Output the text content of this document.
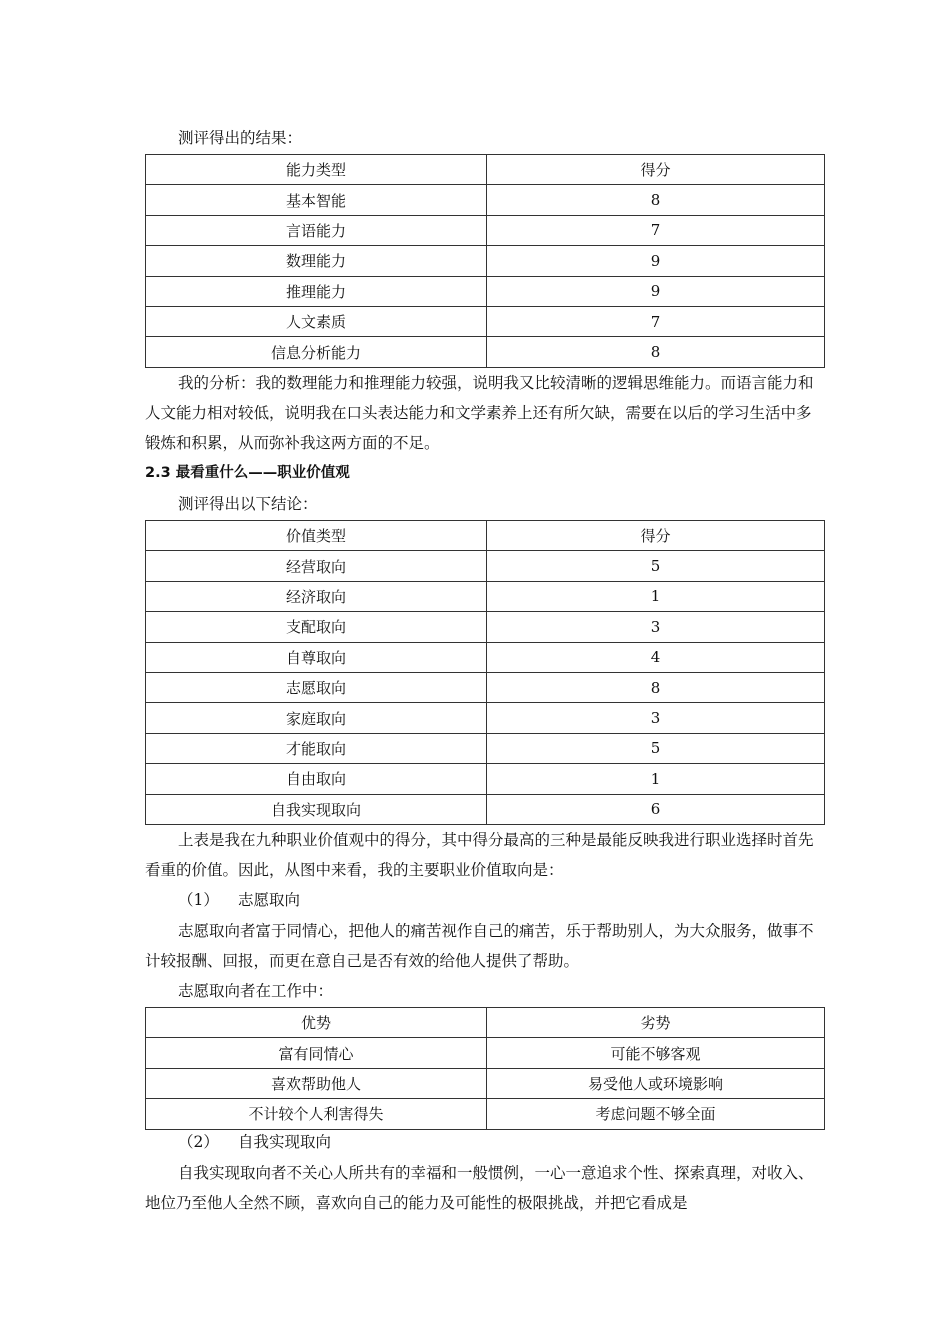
测评得出的结果：

能力类型	得分
基本智能	8
言语能力	7
数理能力	9
推理能力	9
人文素质	7
信息分析能力	8

我的分析：我的数理能力和推理能力较强，说明我又比较清晰的逻辑思维能力。而语言能力和人文能力相对较低，说明我在口头表达能力和文学素养上还有所欠缺，需要在以后的学习生活中多锻炼和积累，从而弥补我这两方面的不足。

2.3 最看重什么——职业价值观

测评得出以下结论：

价值类型	得分
经营取向	5
经济取向	1
支配取向	3
自尊取向	4
志愿取向	8
家庭取向	3
才能取向	5
自由取向	1
自我实现取向	6

上表是我在九种职业价值观中的得分，其中得分最高的三种是最能反映我进行职业选择时首先看重的价值。因此，从图中来看，我的主要职业价值取向是：

（1） 志愿取向

志愿取向者富于同情心，把他人的痛苦视作自己的痛苦，乐于帮助别人，为大众服务，做事不计较报酬、回报，而更在意自己是否有效的给他人提供了帮助。

志愿取向者在工作中：

优势	劣势
富有同情心	可能不够客观
喜欢帮助他人	易受他人或环境影响
不计较个人利害得失	考虑问题不够全面
（2） 自我实现取向

自我实现取向者不关心人所共有的幸福和一般惯例，一心一意追求个性、探索真理，对收入、地位乃至他人全然不顾，喜欢向自己的能力及可能性的极限挑战，并把它看成是
